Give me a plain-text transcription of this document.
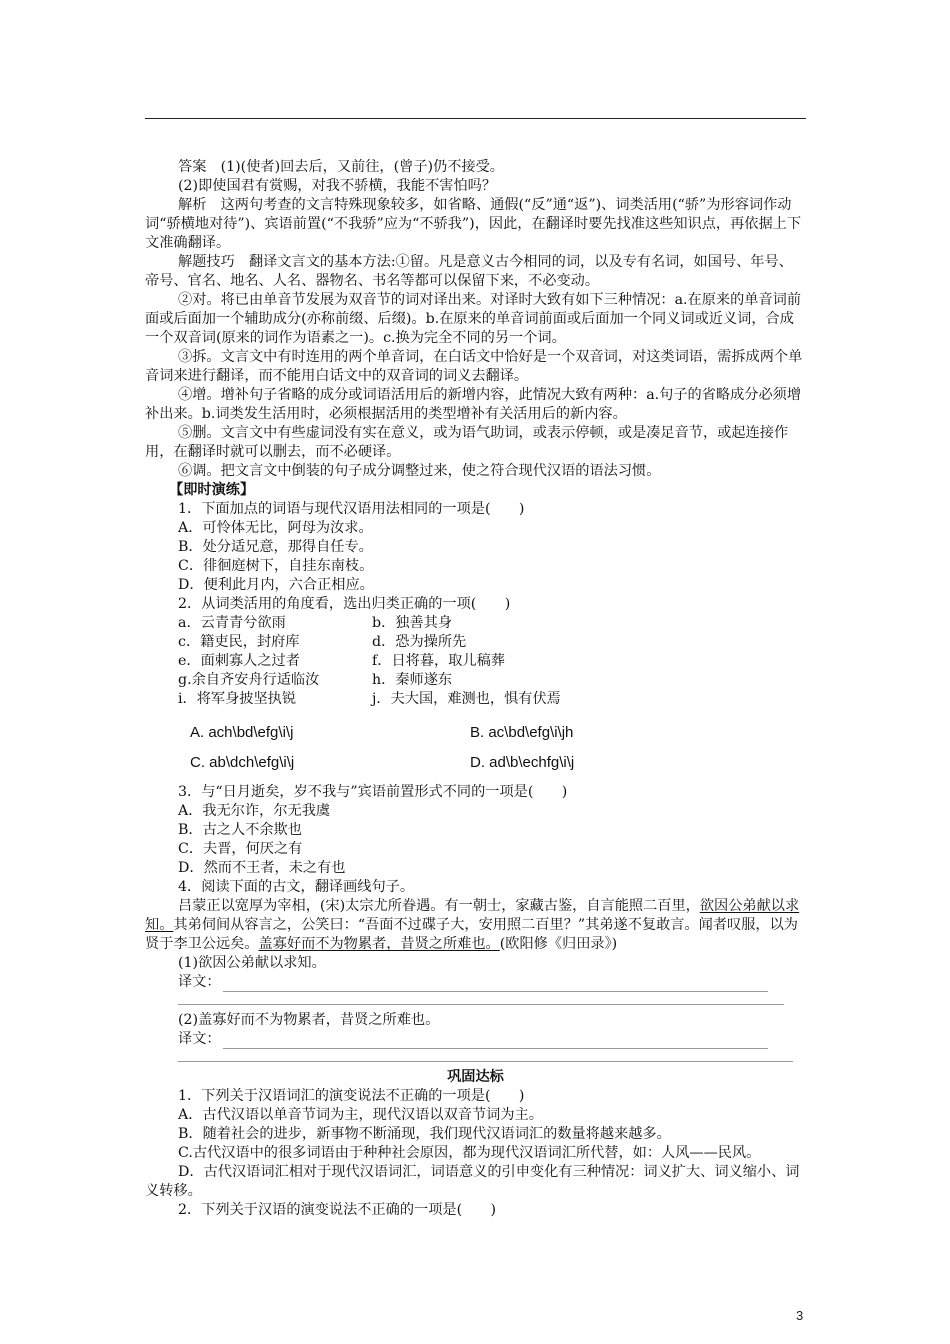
答案　(1)(使者)回去后，又前往，(曾子)仍不接受。

(2)即使国君有赏赐，对我不骄横，我能不害怕吗？

解析　这两句考查的文言特殊现象较多，如省略、通假(“反”通“返”)、词类活用(“骄”为形容词作动词“骄横地对待”)、宾语前置(“不我骄”应为“不骄我”)，因此，在翻译时要先找准这些知识点，再依据上下文准确翻译。

解题技巧　翻译文言文的基本方法:①留。凡是意义古今相同的词，以及专有名词，如国号、年号、帝号、官名、地名、人名、器物名、书名等都可以保留下来，不必变动。

②对。将已由单音节发展为双音节的词对译出来。对译时大致有如下三种情况：a.在原来的单音词前面或后面加一个辅助成分(亦称前缀、后缀)。b.在原来的单音词前面或后面加一个同义词或近义词，合成一个双音词(原来的词作为语素之一)。c.换为完全不同的另一个词。

③拆。文言文中有时连用的两个单音词，在白话文中恰好是一个双音词，对这类词语，需拆成两个单音词来进行翻译，而不能用白话文中的双音词的词义去翻译。

④增。增补句子省略的成分或词语活用后的新增内容，此情况大致有两种：a.句子的省略成分必须增补出来。b.词类发生活用时，必须根据活用的类型增补有关活用后的新内容。

⑤删。文言文中有些虚词没有实在意义，或为语气助词，或表示停顿，或是凑足音节，或起连接作用，在翻译时就可以删去，而不必硬译。

⑥调。把文言文中倒装的句子成分调整过来，使之符合现代汉语的语法习惯。

【即时演练】

1．下面加点的词语与现代汉语用法相同的一项是(　　)

A．可怜体无比，阿母为汝求。

B．处分适兄意，那得自任专。

C．徘徊庭树下，自挂东南枝。

D．便利此月内，六合正相应。

2．从词类活用的角度看，选出归类正确的一项(　　)

a．云青青兮欲雨	b．独善其身
c．籍吏民，封府库	d．恐为操所先
e．面刺寡人之过者	f．日将暮，取儿稿葬
g.余自齐安舟行适临汝	h．秦师遂东
i．将军身披坚执锐	j．夫大国，难测也，惧有伏焉
A. ach\bd\efg\i\j	B. ac\bd\efg\i\jh
C. ab\dch\efg\i\j	D. ad\b\echfg\i\j

3．与“日月逝矣，岁不我与”宾语前置形式不同的一项是(　　)

A．我无尔诈，尔无我虞

B．古之人不余欺也

C．夫晋，何厌之有

D．然而不王者，未之有也

4．阅读下面的古文，翻译画线句子。

吕蒙正以宽厚为宰相，(宋)太宗尤所眷遇。有一朝士，家藏古鉴，自言能照二百里，欲因公弟献以求知。其弟伺间从容言之，公笑曰：“吾面不过碟子大，安用照二百里？”其弟遂不复敢言。闻者叹服，以为贤于李卫公远矣。盖寡好而不为物累者，昔贤之所难也。(欧阳修《归田录》)

(1)欲因公弟献以求知。

译文：

(2)盖寡好而不为物累者，昔贤之所难也。

译文：

巩固达标

1．下列关于汉语词汇的演变说法不正确的一项是(　　)

A．古代汉语以单音节词为主，现代汉语以双音节词为主。

B．随着社会的进步，新事物不断涌现，我们现代汉语词汇的数量将越来越多。

C.古代汉语中的很多词语由于种种社会原因，都为现代汉语词汇所代替，如：人风——民风。

D．古代汉语词汇相对于现代汉语词汇，词语意义的引申变化有三种情况：词义扩大、词义缩小、词义转移。

2．下列关于汉语的演变说法不正确的一项是(　　)

3
